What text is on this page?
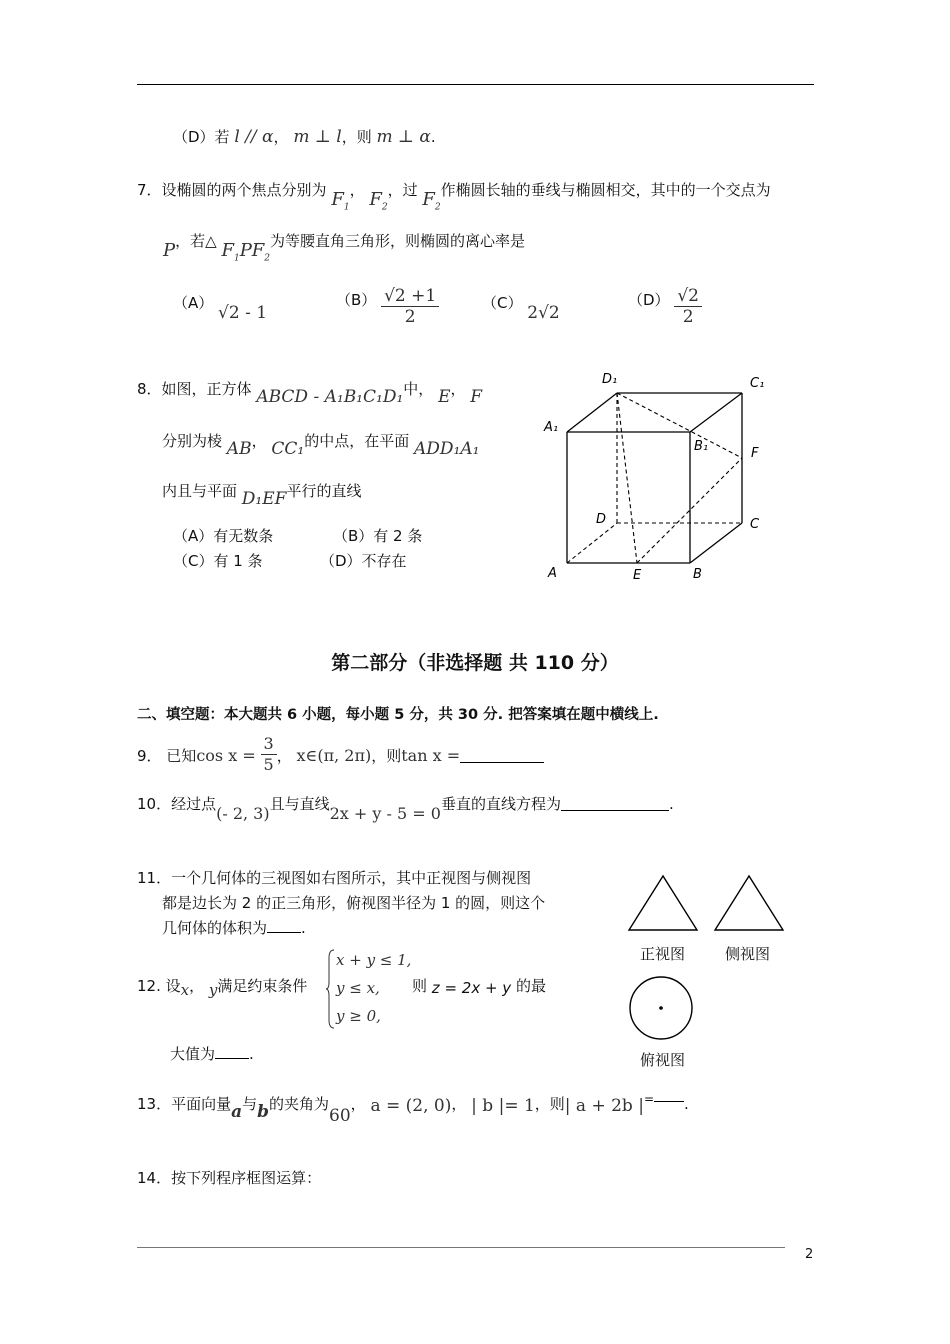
（D）若 l // α， m ⊥ l，则 m ⊥ α.
7．设椭圆的两个焦点分别为 $F_1$， $F_2$，过 $F_2$作椭圆长轴的垂线与椭圆相交，其中的一个交点为
P，若△ $F_1PF_2$为等腰直角三角形，则椭圆的离心率是
（A） √2 - 1
$(B) \frac{√2 +1}{2}$	（C） 2√2
$(D) \frac{√2}{2}$
8．如图，正方体 ABCD - A₁B₁C₁D₁中， E， F
分别为棱 AB， CC₁的中点，在平面 ADD₁A₁
内且与平面 D₁EF平行的直线
（A）有无数条	（B）有 2 条
（C）有 1 条	（D）不存在
D₁	C₁
A₁
B₁	F
D	C
A	E	B
第二部分（非选择题 共 110 分）
二、填空题：本大题共 6 小题，每小题 5 分，共 30 分. 把答案填在题中横线上.
9． 已知$\cos x = \frac{3}{5}$ ， x∈(π, 2π)，则tan x =
10．经过点(- 2, 3)且与直线2x + y - 5 = 0垂直的直线方程为	.
11．一个几何体的三视图如右图所示，其中正视图与侧视图
都是边长为 2 的正三角形，俯视图半径为 1 的圆，则这个
几何体的体积为 .
正视图	侧视图
俯视图
12. 设x， y满足约束条件
x + y ≤ 1,
y ≤ x,
y ≥ 0,
则 z = 2x + y 的最
大值为 .
13．平面向量a与b的夹角为60， a = (2, 0)， | b |= 1，则| a + 2b |= .
14．按下列程序框图运算：
2
